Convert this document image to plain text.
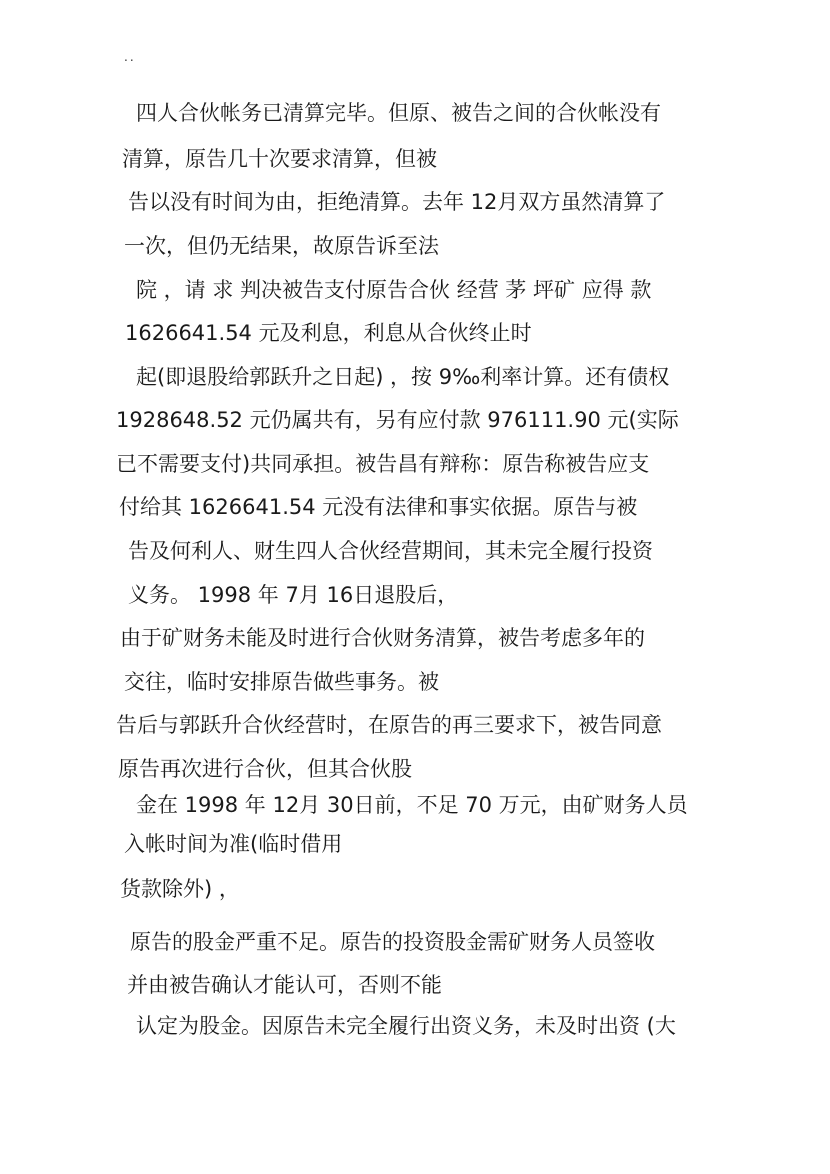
..
四人合伙帐务已清算完毕。但原、被告之间的合伙帐没有
清算，原告几十次要求清算，但被
告以没有时间为由，拒绝清算。去年 12月双方虽然清算了
一次，但仍无结果，故原告诉至法
院 ，请 求 判决被告支付原告合伙 经营 茅 坪矿 应得 款
1626641.54 元及利息，利息从合伙终止时
起(即退股给郭跃升之日起) ，按 9‰利率计算。还有债权
1928648.52 元仍属共有，另有应付款 976111.90 元(实际
已不需要支付)共同承担。被告昌有辩称：原告称被告应支
付给其 1626641.54 元没有法律和事实依据。原告与被
告及何利人、财生四人合伙经营期间，其未完全履行投资
义务。 1998 年 7月 16日退股后，
由于矿财务未能及时进行合伙财务清算，被告考虑多年的
交往，临时安排原告做些事务。被
告后与郭跃升合伙经营时，在原告的再三要求下，被告同意
原告再次进行合伙，但其合伙股
金在 1998 年 12月 30日前，不足 70 万元，由矿财务人员
入帐时间为准(临时借用
货款除外) ，
原告的股金严重不足。原告的投资股金需矿财务人员签收
并由被告确认才能认可，否则不能
认定为股金。因原告未完全履行出资义务，未及时出资 (大
